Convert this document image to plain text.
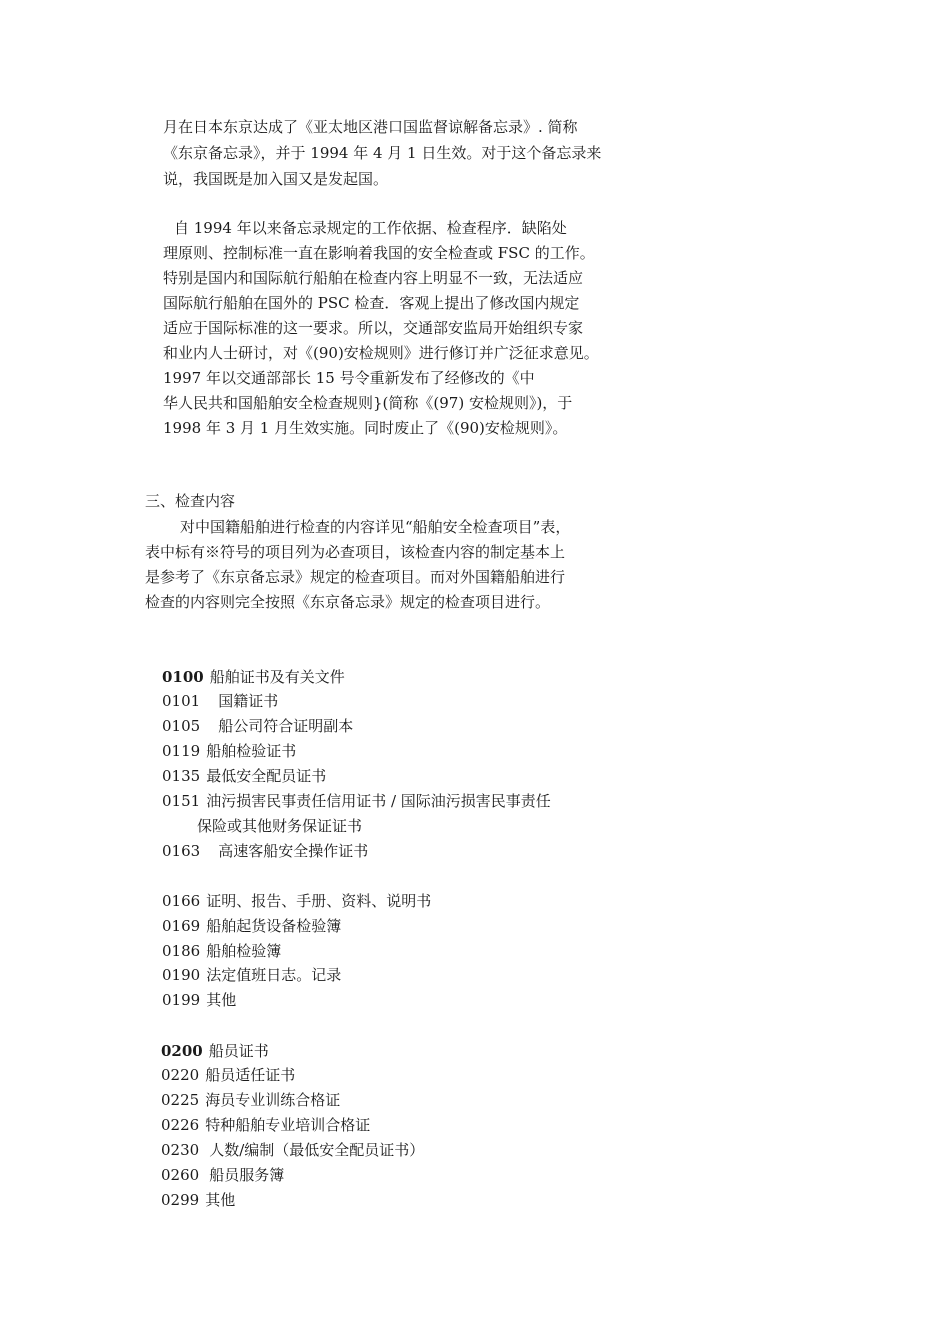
月在日本东京达成了《亚太地区港口国监督谅解备忘录》. 简称
《东京备忘录》，并于 1994 年 4 月 1 日生效。对于这个备忘录来
说，我国既是加入国又是发起国。
自 1994 年以来备忘录规定的工作依据、检查程序．缺陷处
理原则、控制标准一直在影响着我国的安全检查或 FSC 的工作。
特别是国内和国际航行船舶在检查内容上明显不一致，无法适应
国际航行船舶在国外的 PSC 检查．客观上提出了修改国内规定
适应于国际标准的这一要求。所以，交通部安监局开始组织专家
和业内人士研讨，对《(90)安检规则》进行修订并广泛征求意见。
1997 年以交通部部长 15 号令重新发布了经修改的《中
华人民共和国船舶安全检查规则}(简称《(97) 安检规则》)，于
1998 年 3 月 1 月生效实施。同时废止了《(90)安检规则》。
三、检查内容
对中国籍船舶进行检查的内容详见“船舶安全检查项目”表，
表中标有※符号的项目列为必查项目，该检查内容的制定基本上
是参考了《东京备忘录》规定的检查项目。而对外国籍船舶进行
检查的内容则完全按照《东京备忘录》规定的检查项目进行。
0100 船舶证书及有关文件
0101 国籍证书
0105 船公司符合证明副本
0119 船舶检验证书
0135 最低安全配员证书
0151 油污损害民事责任信用证书 / 国际油污损害民事责任
保险或其他财务保证证书
0163 高速客船安全操作证书
0166 证明、报告、手册、资料、说明书
0169 船舶起货设备检验簿
0186 船舶检验簿
0190 法定值班日志。记录
0199 其他
0200 船员证书
0220 船员适任证书
0225 海员专业训练合格证
0226 特种船舶专业培训合格证
0230 人数/编制（最低安全配员证书）
0260 船员服务簿
0299 其他
